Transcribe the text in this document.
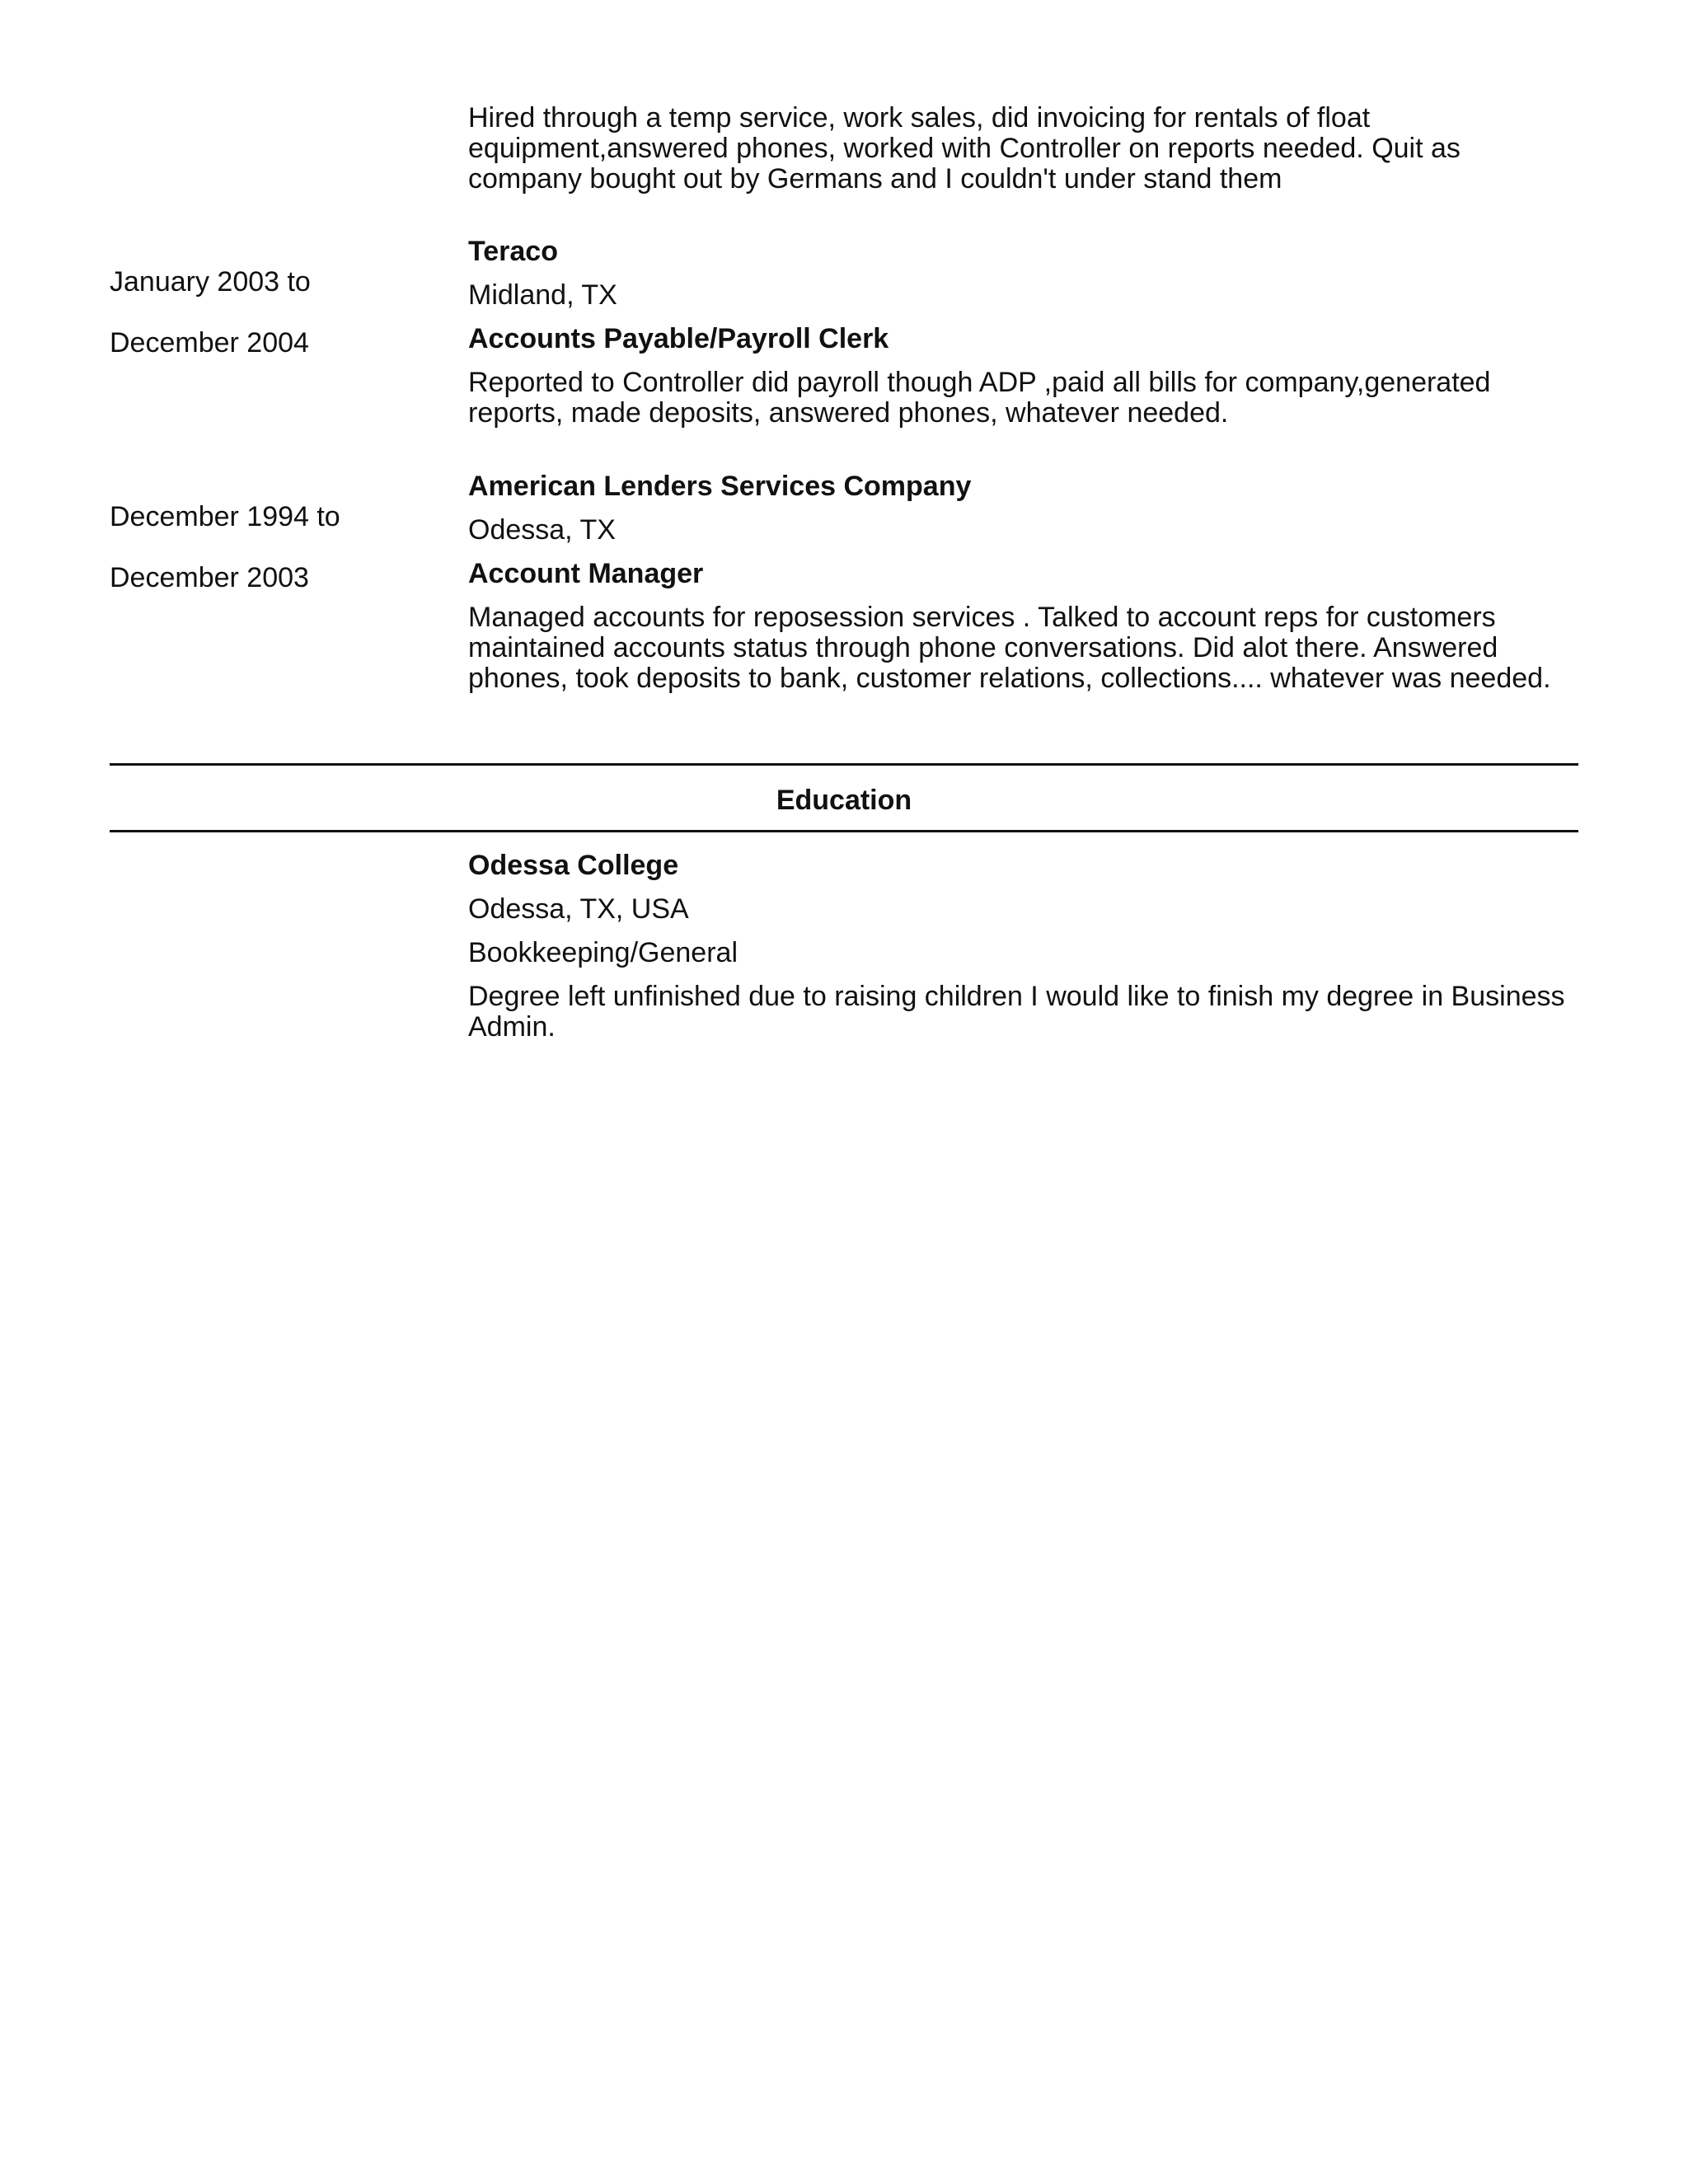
Hired through a temp service, work sales, did invoicing for rentals of float equipment,answered phones, worked with Controller on reports needed. Quit as company bought out by Germans and I couldn't under stand them

January 2003 to

December 2004

Teraco

Midland, TX

Accounts Payable/Payroll Clerk

Reported to Controller did payroll though ADP ,paid all bills for company,generated reports, made deposits, answered phones, whatever needed.

December 1994 to

December 2003

American Lenders Services Company

Odessa, TX

Account Manager

Managed accounts for reposession services . Talked to account reps for customers maintained accounts status through phone conversations. Did alot there. Answered phones, took deposits to bank, customer relations, collections.... whatever was needed.

Education

Odessa College

Odessa, TX, USA

Bookkeeping/General

Degree left unfinished due to raising children I would like to finish my degree in Business Admin.
